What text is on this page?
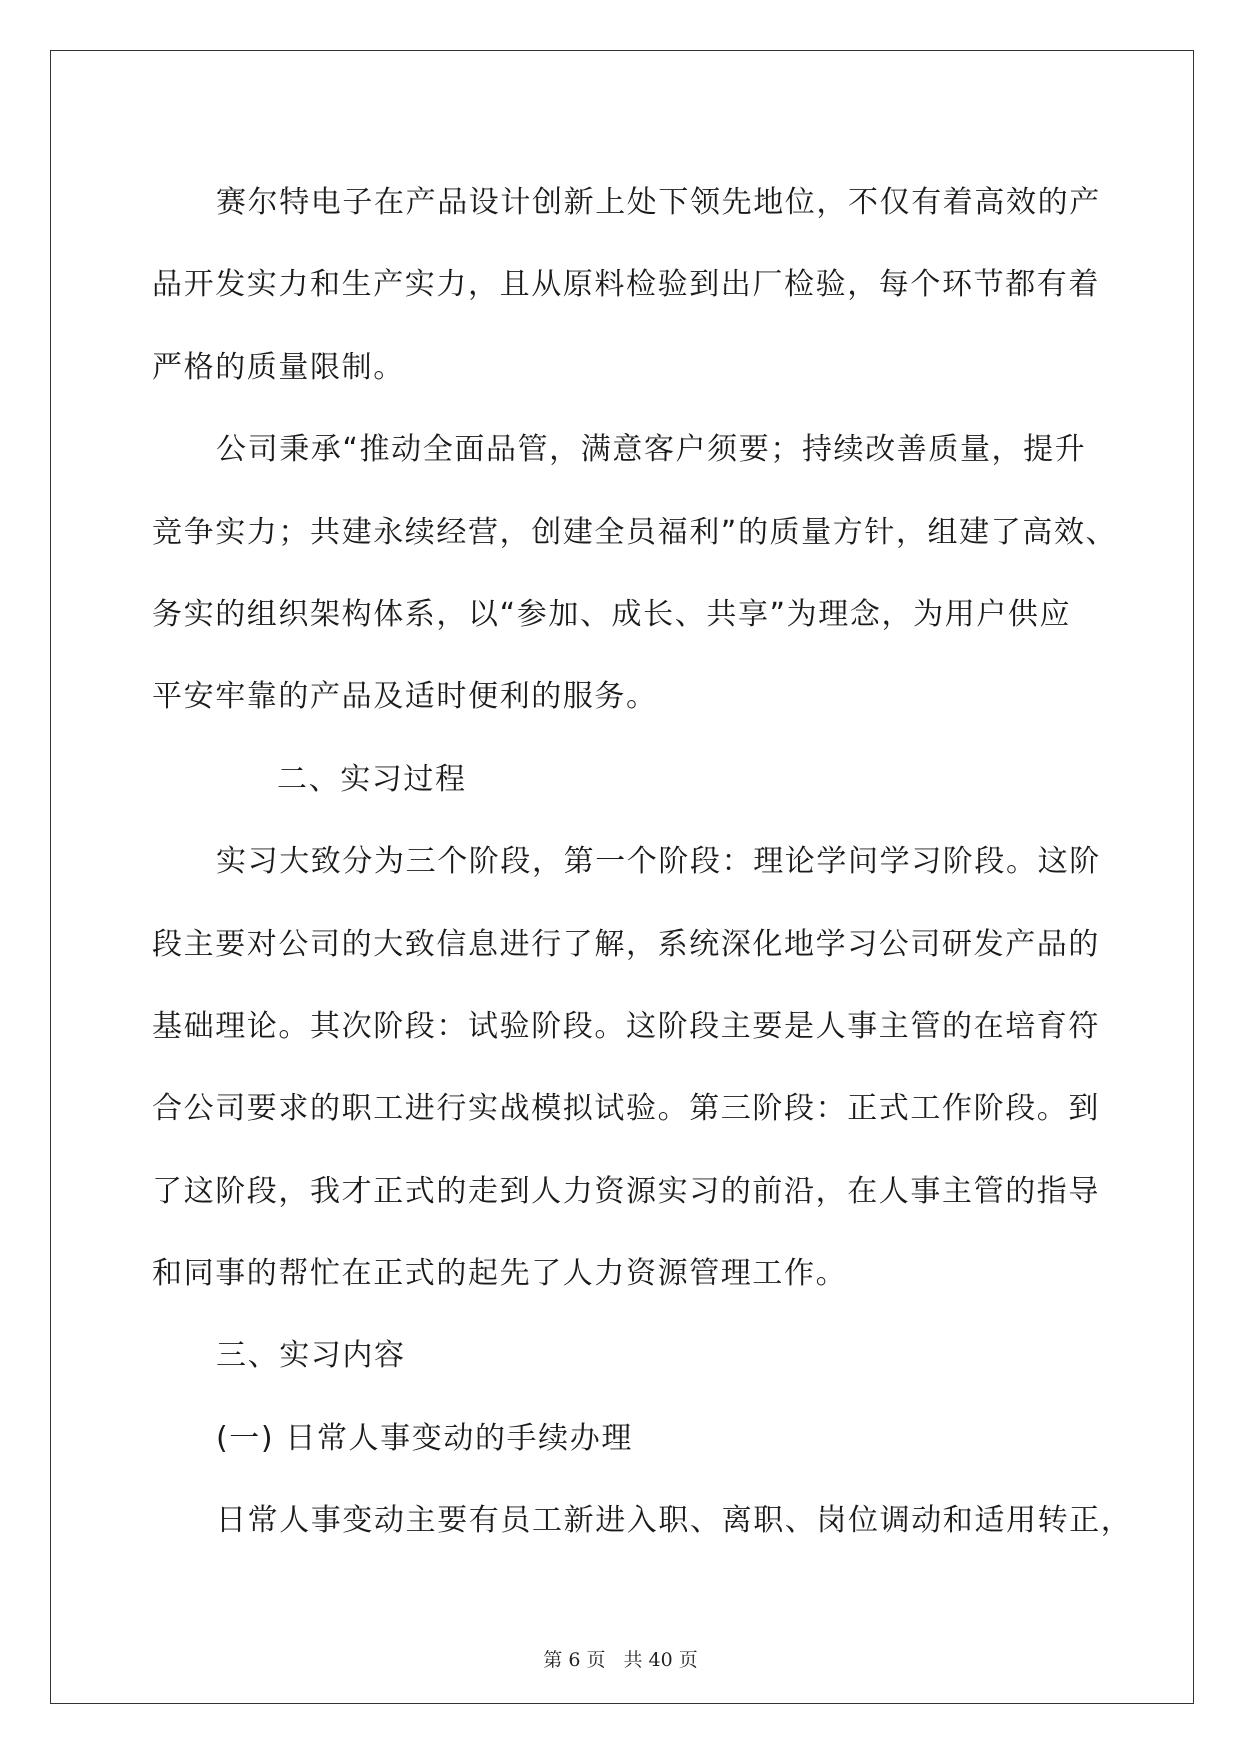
赛尔特电子在产品设计创新上处下领先地位，不仅有着高效的产
品开发实力和生产实力，且从原料检验到出厂检验，每个环节都有着
严格的质量限制。
公司秉承“推动全面品管，满意客户须要；持续改善质量，提升
竞争实力；共建永续经营，创建全员福利”的质量方针，组建了高效、
务实的组织架构体系，以“参加、成长、共享”为理念，为用户供应
平安牢靠的产品及适时便利的服务。
二、实习过程
实习大致分为三个阶段，第一个阶段：理论学问学习阶段。这阶
段主要对公司的大致信息进行了解，系统深化地学习公司研发产品的
基础理论。其次阶段：试验阶段。这阶段主要是人事主管的在培育符
合公司要求的职工进行实战模拟试验。第三阶段：正式工作阶段。到
了这阶段，我才正式的走到人力资源实习的前沿，在人事主管的指导
和同事的帮忙在正式的起先了人力资源管理工作。
三、实习内容
(一) 日常人事变动的手续办理
日常人事变动主要有员工新进入职、离职、岗位调动和适用转正，
第 6 页 共 40 页
